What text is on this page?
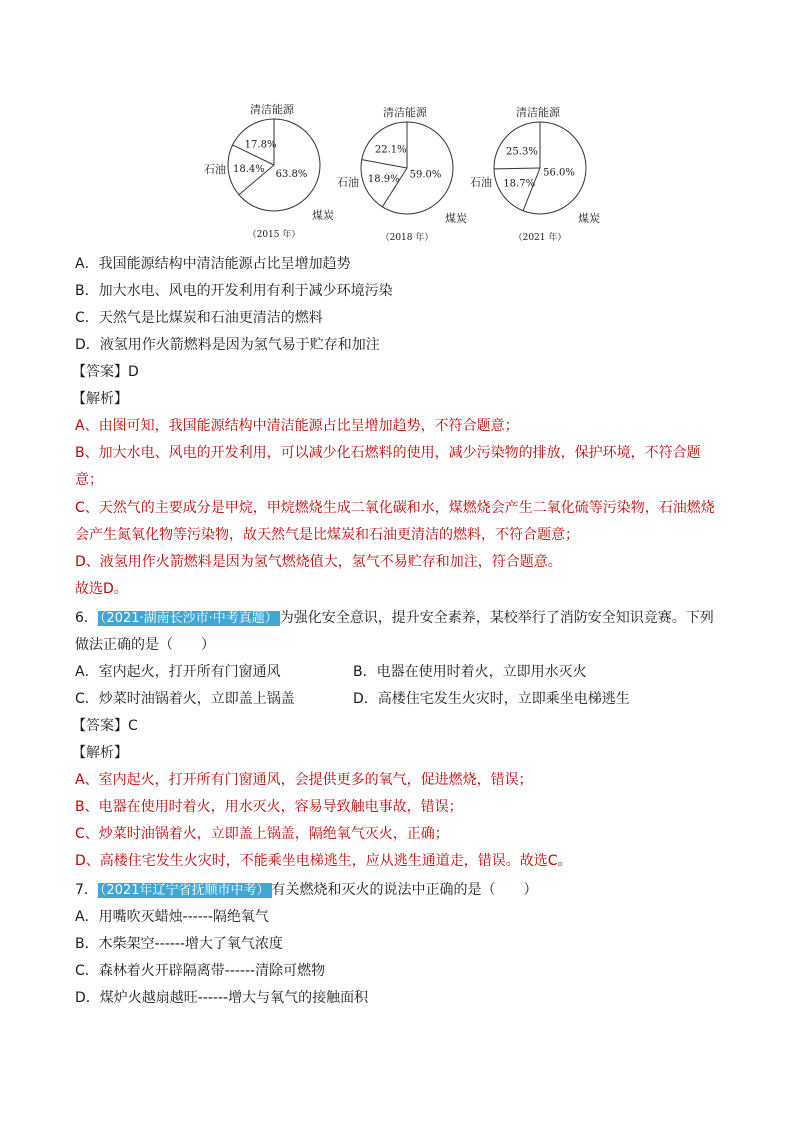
63.8%
18.4%
17.8%
清洁能源
石油
煤炭
（2015 年）
59.0%
18.9%
22.1%
清洁能源
石油
煤炭
（2018 年）
56.0%
18.7%
25.3%
清洁能源
石油
煤炭
（2021 年）
A．我国能源结构中清洁能源占比呈增加趋势
B．加大水电、风电的开发利用有利于减少环境污染
C．天然气是比煤炭和石油更清洁的燃料
D．液氢用作火箭燃料是因为氢气易于贮存和加注
【答案】D
【解析】
A、由图可知，我国能源结构中清洁能源占比呈增加趋势，不符合题意；
B、加大水电、风电的开发利用，可以减少化石燃料的使用，减少污染物的排放，保护环境，不符合题
意；
C、天然气的主要成分是甲烷，甲烷燃烧生成二氧化碳和水，煤燃烧会产生二氧化硫等污染物，石油燃烧
会产生氮氧化物等污染物，故天然气是比煤炭和石油更清洁的燃料，不符合题意；
D、液氢用作火箭燃料是因为氢气燃烧值大，氢气不易贮存和加注，符合题意。
故选D。
6． （2021·湖南长沙市·中考真题） 为强化安全意识，提升安全素养，某校举行了消防安全知识竞赛。下列
做法正确的是（　　）
A．室内起火，打开所有门窗通风	B．电器在使用时着火，立即用水灭火
C．炒菜时油锅着火，立即盖上锅盖	D．高楼住宅发生火灾时，立即乘坐电梯逃生
【答案】C
【解析】
A、室内起火，打开所有门窗通风，会提供更多的氧气，促进燃烧，错误；
B、电器在使用时着火，用水灭火，容易导致触电事故，错误；
C、炒菜时油锅着火，立即盖上锅盖，隔绝氧气灭火，正确；
D、高楼住宅发生火灾时，不能乘坐电梯逃生，应从逃生通道走，错误。故选C。
7． （2021年辽宁省抚顺市中考） 有关燃烧和灭火的说法中正确的是（　　）
A．用嘴吹灭蜡烛------隔绝氧气
B．木柴架空------增大了氧气浓度
C．森林着火开辟隔离带------清除可燃物
D．煤炉火越扇越旺------增大与氧气的接触面积
